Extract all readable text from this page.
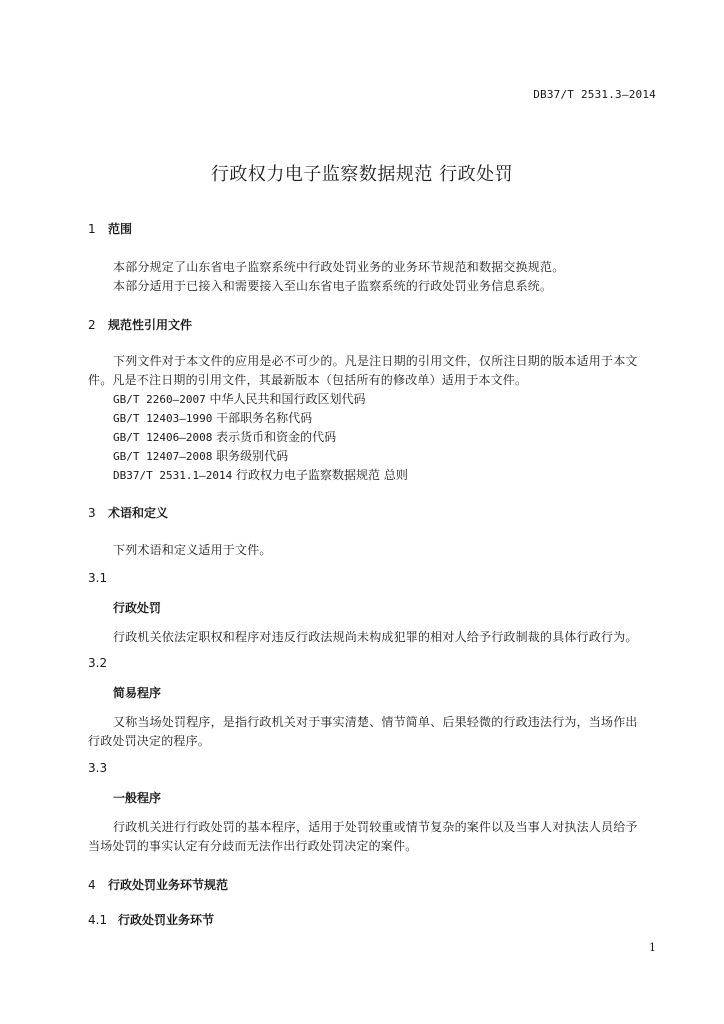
DB37/T 2531.3—2014
行政权力电子监察数据规范 行政处罚
1 范围
本部分规定了山东省电子监察系统中行政处罚业务的业务环节规范和数据交换规范。
本部分适用于已接入和需要接入至山东省电子监察系统的行政处罚业务信息系统。
2 规范性引用文件
下列文件对于本文件的应用是必不可少的。凡是注日期的引用文件，仅所注日期的版本适用于本文
件。凡是不注日期的引用文件，其最新版本（包括所有的修改单）适用于本文件。
GB/T 2260—2007 中华人民共和国行政区划代码
GB/T 12403—1990 干部职务名称代码
GB/T 12406—2008 表示货币和资金的代码
GB/T 12407—2008 职务级别代码
DB37/T 2531.1—2014 行政权力电子监察数据规范 总则
3 术语和定义
下列术语和定义适用于文件。
3.1
行政处罚
行政机关依法定职权和程序对违反行政法规尚未构成犯罪的相对人给予行政制裁的具体行政行为。
3.2
简易程序
又称当场处罚程序，是指行政机关对于事实清楚、情节简单、后果轻微的行政违法行为，当场作出
行政处罚决定的程序。
3.3
一般程序
行政机关进行行政处罚的基本程序，适用于处罚较重或情节复杂的案件以及当事人对执法人员给予
当场处罚的事实认定有分歧而无法作出行政处罚决定的案件。
4 行政处罚业务环节规范
4.1 行政处罚业务环节
1
